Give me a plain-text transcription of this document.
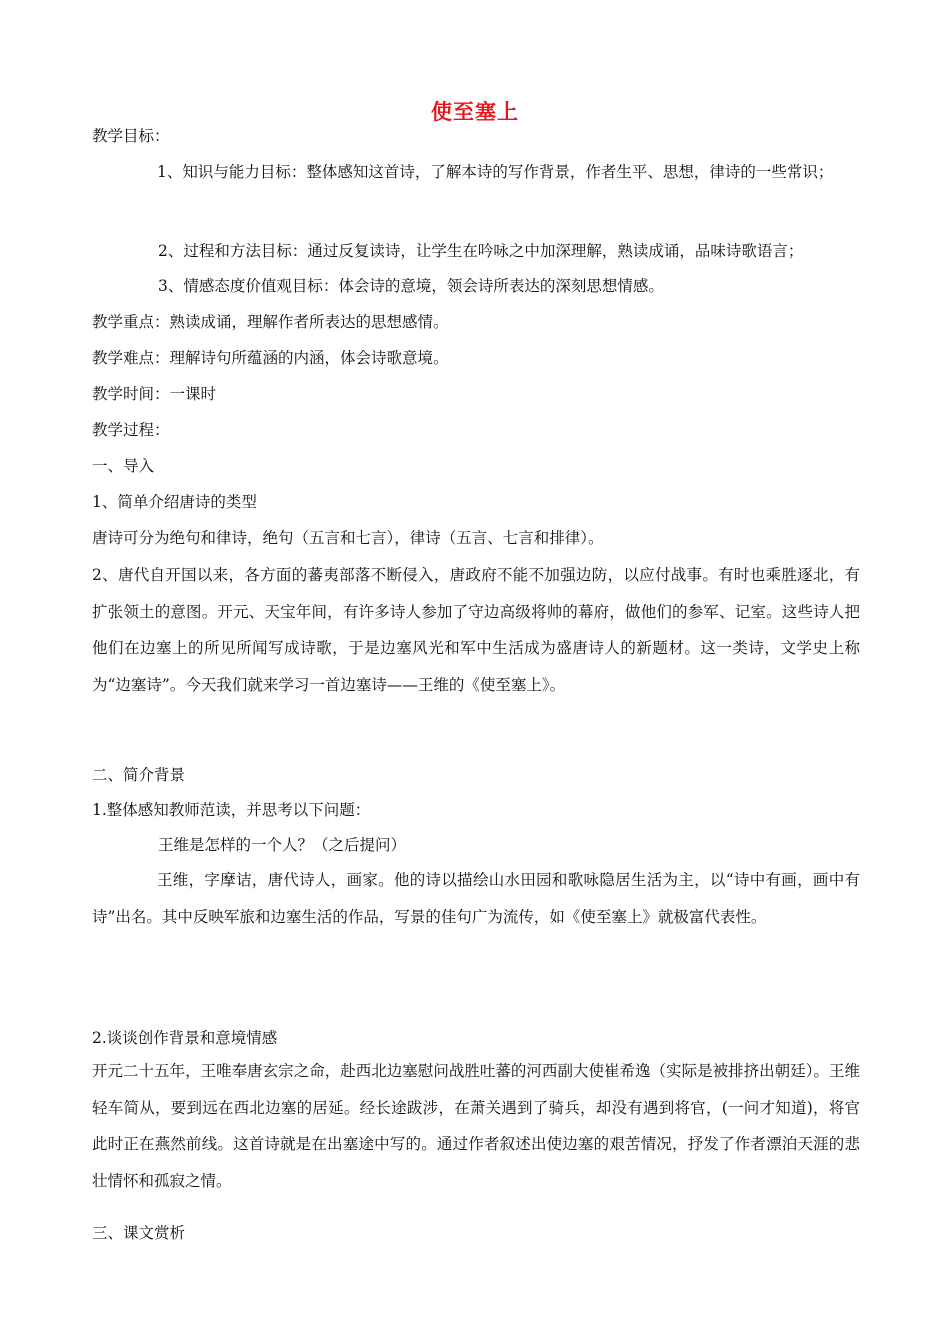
使至塞上
教学目标：

1、知识与能力目标：整体感知这首诗，了解本诗的写作背景，作者生平、思想，律诗的一些常识；

2、过程和方法目标：通过反复读诗，让学生在吟咏之中加深理解，熟读成诵，品味诗歌语言；
3、情感态度价值观目标：体会诗的意境，领会诗所表达的深刻思想情感。
教学重点：熟读成诵，理解作者所表达的思想感情。
教学难点：理解诗句所蕴涵的内涵，体会诗歌意境。
教学时间：一课时
教学过程：
一、导入
1、简单介绍唐诗的类型
唐诗可分为绝句和律诗，绝句（五言和七言），律诗（五言、七言和排律）。

2、唐代自开国以来，各方面的蕃夷部落不断侵入，唐政府不能不加强边防，以应付战事。有时也乘胜逐北，有扩张领土的意图。开元、天宝年间，有许多诗人参加了守边高级将帅的幕府，做他们的参军、记室。这些诗人把他们在边塞上的所见所闻写成诗歌，于是边塞风光和军中生活成为盛唐诗人的新题材。这一类诗，文学史上称为“边塞诗”。今天我们就来学习一首边塞诗——王维的《使至塞上》。

二、简介背景
1.整体感知教师范读，并思考以下问题：
王维是怎样的一个人？（之后提问）

王维，字摩诘，唐代诗人，画家。他的诗以描绘山水田园和歌咏隐居生活为主，以“诗中有画，画中有诗”出名。其中反映军旅和边塞生活的作品，写景的佳句广为流传，如《使至塞上》就极富代表性。

2.谈谈创作背景和意境情感

开元二十五年，王唯奉唐玄宗之命，赴西北边塞慰问战胜吐蕃的河西副大使崔希逸（实际是被排挤出朝廷）。王维轻车简从，要到远在西北边塞的居延。经长途跋涉，在萧关遇到了骑兵，却没有遇到将官，(一问才知道)，将官此时正在燕然前线。这首诗就是在出塞途中写的。通过作者叙述出使边塞的艰苦情况，抒发了作者漂泊天涯的悲壮情怀和孤寂之情。

三、课文赏析
